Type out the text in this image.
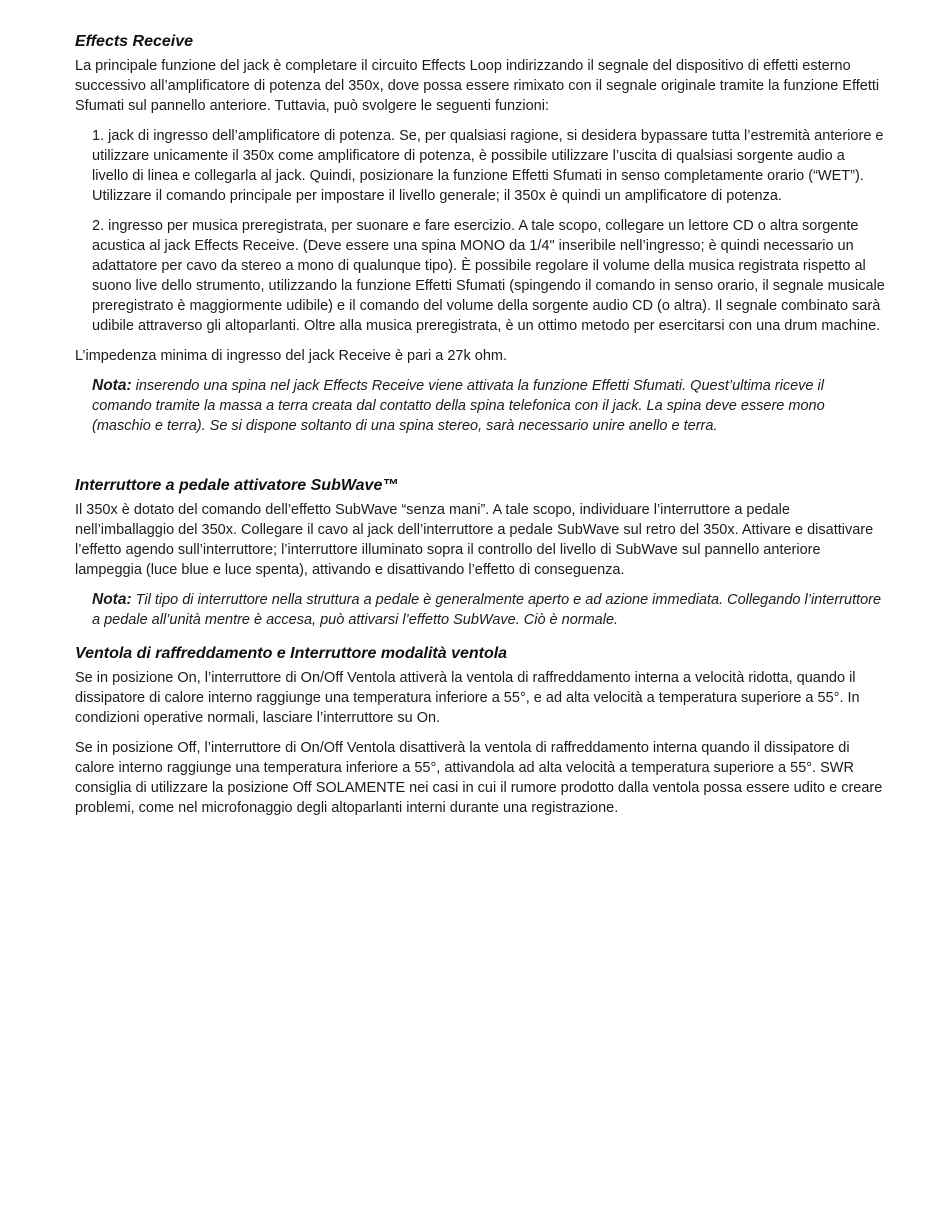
Effects Receive

La principale funzione del jack è completare il circuito Effects Loop indirizzando il segnale del dispositivo di effetti esterno successivo all’amplificatore di potenza del 350x, dove possa essere rimixato con il segnale originale tramite la funzione Effetti Sfumati sul pannello anteriore. Tuttavia, può svolgere le seguenti funzioni:

1. jack di ingresso dell’amplificatore di potenza. Se, per qualsiasi ragione, si desidera bypassare tutta l’estremità anteriore e utilizzare unicamente il 350x come amplificatore di potenza, è possibile utilizzare l’uscita di qualsiasi sorgente audio a livello di linea e collegarla al jack. Quindi, posizionare la funzione Effetti Sfumati in senso completamente orario (“WET”). Utilizzare il comando principale per impostare il livello generale; il 350x è quindi un amplificatore di potenza.

2. ingresso per musica preregistrata, per suonare e fare esercizio. A tale scopo, collegare un lettore CD o altra sorgente acustica al jack Effects Receive. (Deve essere una spina MONO da 1/4" inseribile nell’ingresso; è quindi necessario un adattatore per cavo da stereo a mono di qualunque tipo). È possibile regolare il volume della musica registrata rispetto al suono live dello strumento, utilizzando la funzione Effetti Sfumati (spingendo il comando in senso orario, il segnale musicale preregistrato è maggiormente udibile) e il comando del volume della sorgente audio CD (o altra). Il segnale combinato sarà udibile attraverso gli altoparlanti. Oltre alla musica preregistrata, è un ottimo metodo per esercitarsi con una drum machine.

L’impedenza minima di ingresso del jack Receive è pari a 27k ohm.

Nota: inserendo una spina nel jack Effects Receive viene attivata la funzione Effetti Sfumati. Quest’ultima riceve il comando tramite la massa a terra creata dal contatto della spina telefonica con il jack. La spina deve essere mono (maschio e terra). Se si dispone soltanto di una spina stereo, sarà necessario unire anello e terra.
Interruttore a pedale attivatore SubWave™

Il 350x è dotato del comando dell’effetto SubWave “senza mani”. A tale scopo, individuare l’interruttore a pedale nell’imballaggio del 350x. Collegare il cavo al jack dell’interruttore a pedale SubWave sul retro del 350x. Attivare e disattivare l’effetto agendo sull’interruttore; l’interruttore illuminato sopra il controllo del livello di SubWave sul pannello anteriore lampeggia (luce blue e luce spenta), attivando e disattivando l’effetto di conseguenza.

Nota: Til tipo di interruttore nella struttura a pedale è generalmente aperto e ad azione immediata. Collegando l’interruttore a pedale all’unità mentre è accesa, può attivarsi l’effetto SubWave. Ciò è normale.
Ventola di raffreddamento e Interruttore modalità ventola

Se in posizione On, l’interruttore di On/Off Ventola attiverà la ventola di raffreddamento interna a velocità ridotta, quando il dissipatore di calore interno raggiunge una temperatura inferiore a 55°, e ad alta velocità a temperatura superiore a 55°. In condizioni operative normali, lasciare l’interruttore su On.

Se in posizione Off, l’interruttore di On/Off Ventola disattiverà la ventola di raffreddamento interna quando il dissipatore di calore interno raggiunge una temperatura inferiore a 55°, attivandola ad alta velocità a temperatura superiore a 55°. SWR consiglia di utilizzare la posizione Off SOLAMENTE nei casi in cui il rumore prodotto dalla ventola possa essere udito e creare problemi, come nel microfonaggio degli altoparlanti interni durante una registrazione.
